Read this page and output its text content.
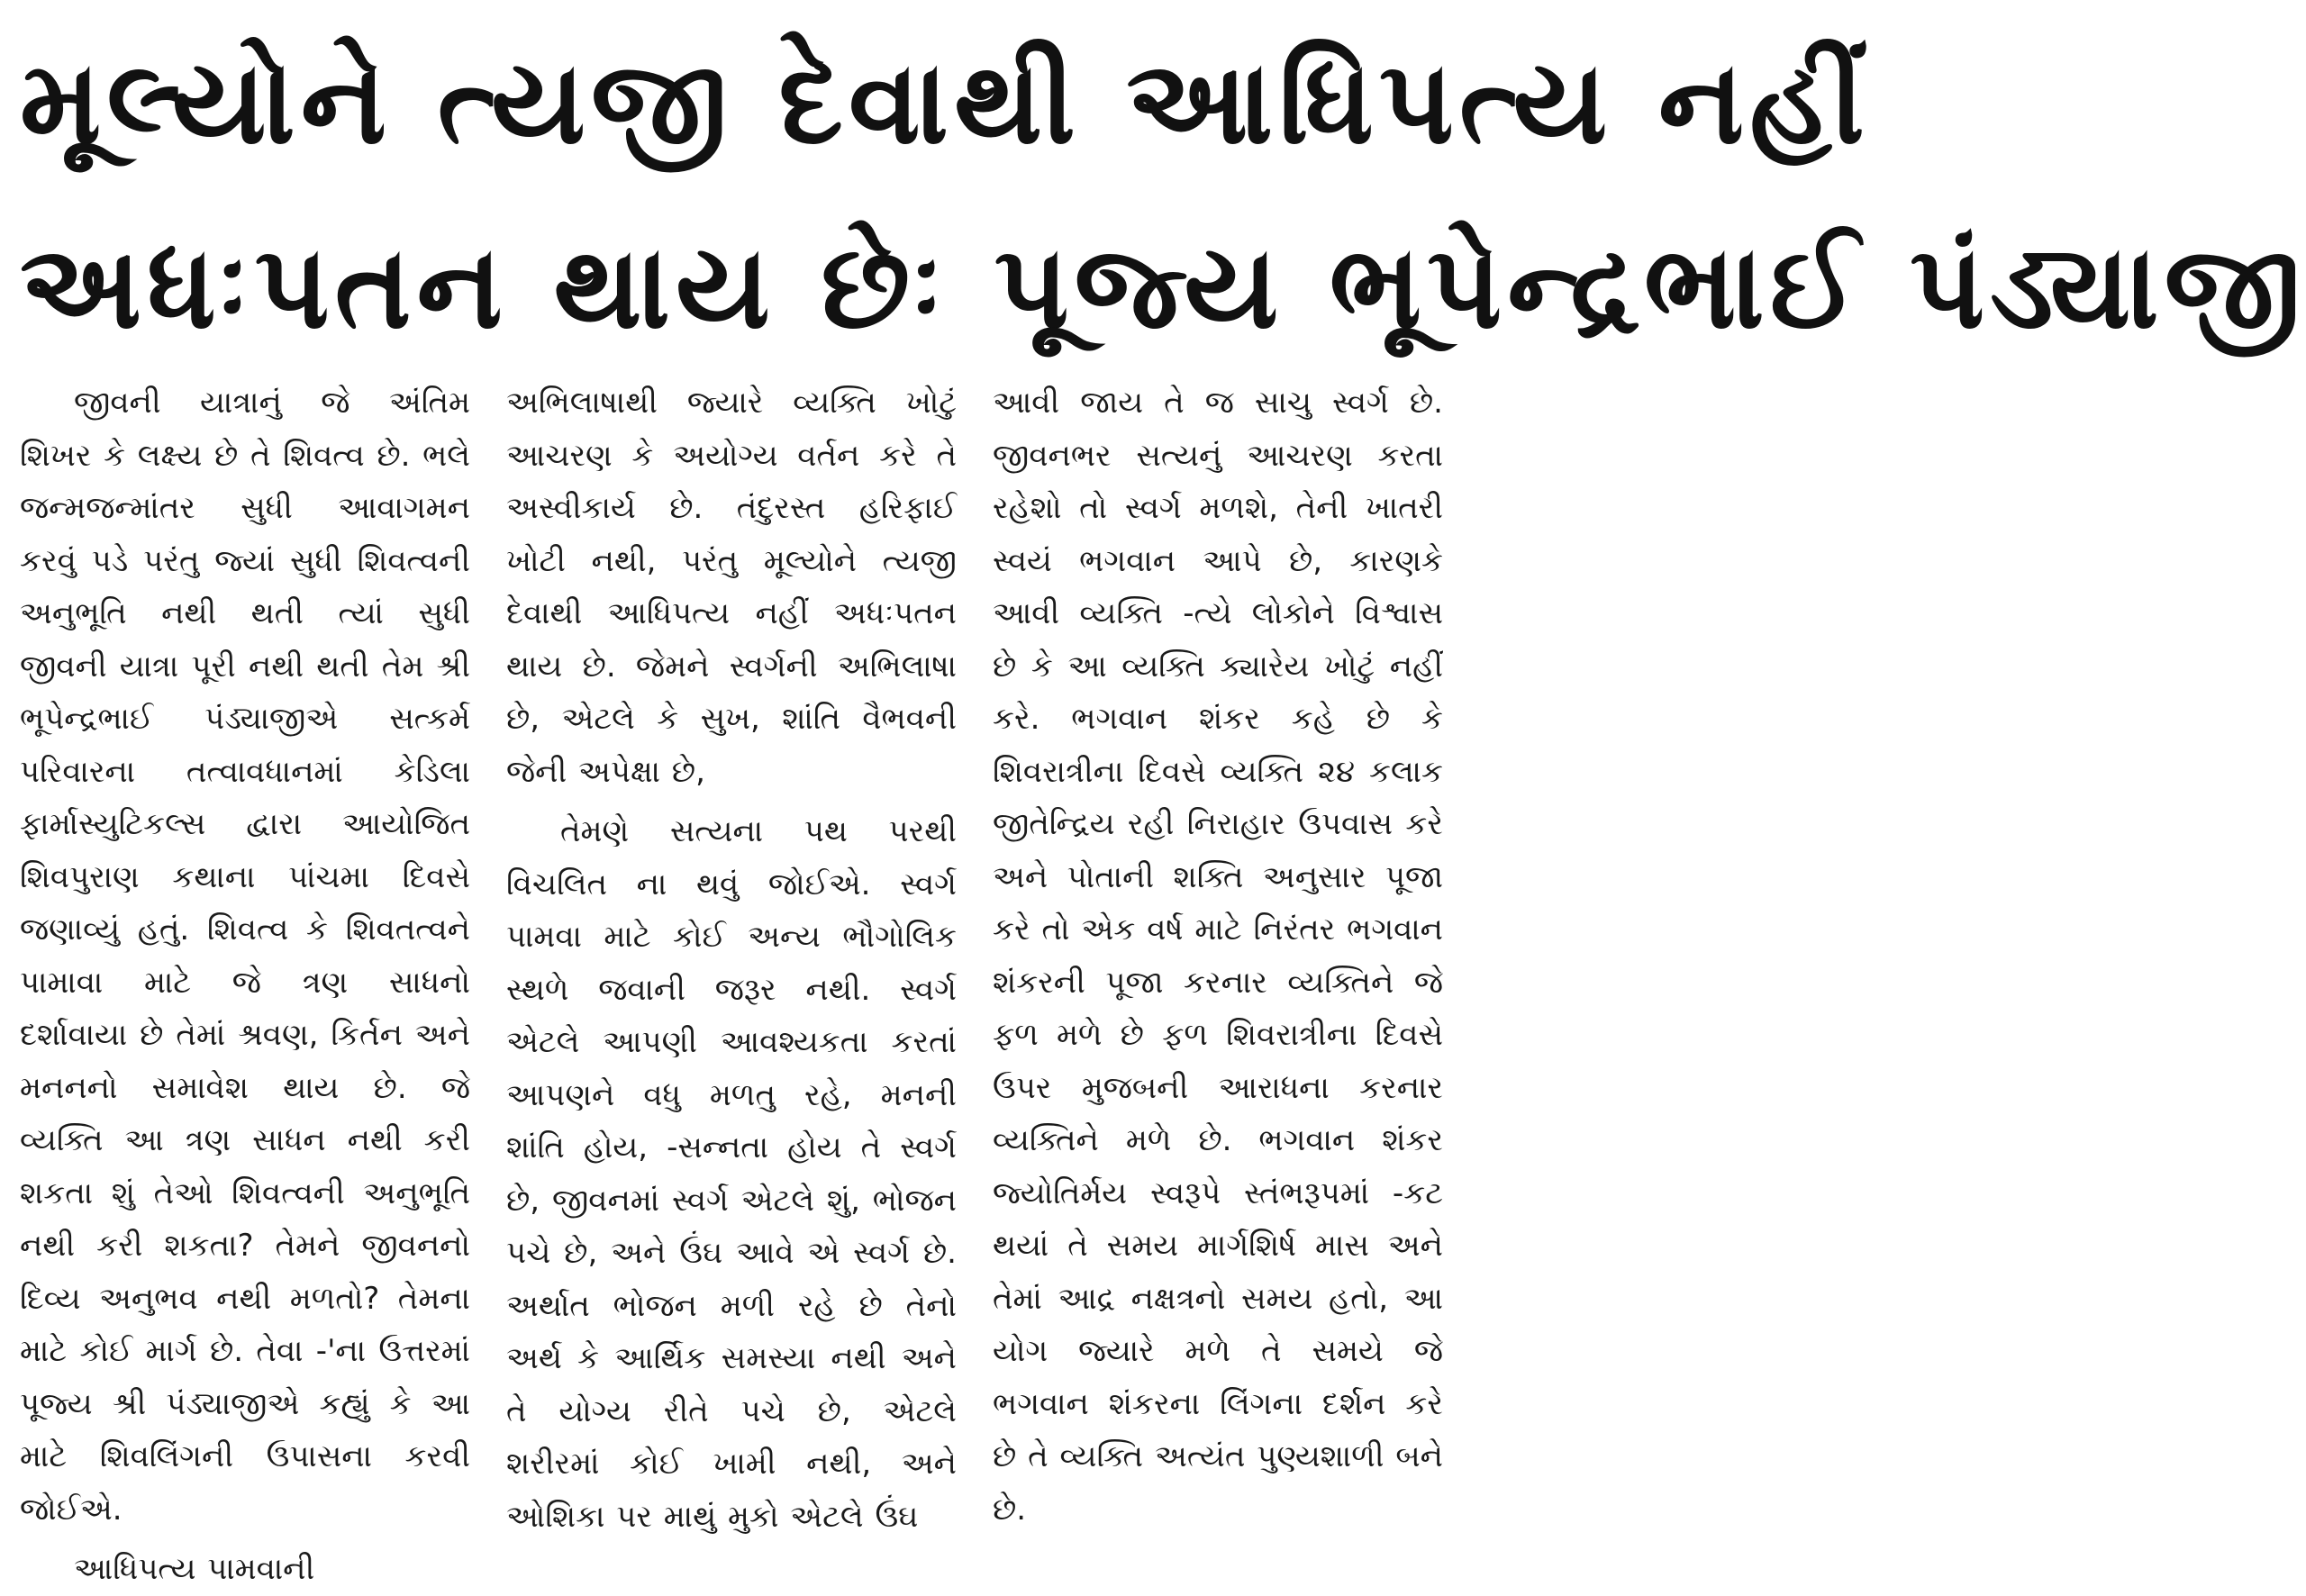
મૂલ્યોને ત્યજી દેવાથી આધિપત્ય નહીં
અધઃપતન થાય છેઃ પૂજ્ય ભૂપેન્દ્રભાઈ પંડ્યાજી

જીવની યાત્રાનું જે અંતિમ શિખર કે લક્ષ્ય છે તે શિવત્વ છે. ભલે જન્મજન્માંતર સુધી આવાગમન કરવું પડે પરંતુ જ્યાં સુધી શિવત્વની અનુભૂતિ નથી થતી ત્યાં સુધી જીવની યાત્રા પૂરી નથી થતી તેમ શ્રી ભૂપેન્દ્રભાઈ પંડ્યાજીએ સત્કર્મ પરિવારના તત્વાવધાનમાં કેડિલા ફાર્માસ્યુટિકલ્સ દ્વારા આયોજિત શિવપુરાણ કથાના પાંચમા દિવસે જણાવ્યું હતું. શિવત્વ કે શિવતત્વને પામાવા માટે જે ત્રણ સાધનો દર્શાવાયા છે તેમાં શ્રવણ, કિર્તન અને મનનનો સમાવેશ થાય છે. જે વ્યક્તિ આ ત્રણ સાધન નથી કરી શકતા શું તેઓ શિવત્વની અનુભૂતિ નથી કરી શકતા? તેમને જીવનનો દિવ્ય અનુભવ નથી મળતો? તેમના માટે કોઈ માર્ગ છે. તેવા -'ના ઉત્તરમાં પૂજ્ય શ્રી પંડ્યાજીએ કહ્યું કે આ માટે શિવલિંગની ઉપાસના કરવી જોઈએ.

આધિપત્ય પામવાની

અભિલાષાથી જ્યારે વ્યક્તિ ખોટું આચરણ કે અયોગ્ય વર્તન કરે તે અસ્વીકાર્ય છે. તંદુરસ્ત હરિફાઈ ખોટી નથી, પરંતુ મૂલ્યોને ત્યજી દેવાથી આધિપત્ય નહીં અધઃપતન થાય છે. જેમને સ્વર્ગની અભિલાષા છે, એટલે કે સુખ, શાંતિ વૈભવની જેની અપેક્ષા છે,

તેમણે સત્યના પથ પરથી વિચલિત ના થવું જોઈએ. સ્વર્ગ પામવા માટે કોઈ અન્ય ભૌગોલિક સ્થળે જવાની જરૂર નથી. સ્વર્ગ એટલે આપણી આવશ્યકતા કરતાં આપણને વધુ મળતુ રહે, મનની શાંતિ હોય, -સન્નતા હોય તે સ્વર્ગ છે, જીવનમાં સ્વર્ગ એટલે શું, ભોજન પચે છે, અને ઉંઘ આવે એ સ્વર્ગ છે. અર્થાત ભોજન મળી રહે છે તેનો અર્થ કે આર્થિક સમસ્યા નથી અને તે યોગ્ય રીતે પચે છે, એટલે શરીરમાં કોઈ ખામી નથી, અને ઓશિકા પર માથું મુકો એટલે ઉંઘ

આવી જાય તે જ સાચુ સ્વર્ગ છે. જીવનભર સત્યનું આચરણ કરતા રહેશો તો સ્વર્ગ મળશે, તેની ખાતરી સ્વયં ભગવાન આપે છે, કારણકે આવી વ્યક્તિ -ત્યે લોકોને વિશ્વાસ છે કે આ વ્યક્તિ ક્યારેય ખોટું નહીં કરે. ભગવાન શંકર કહે છે કે શિવરાત્રીના દિવસે વ્યક્તિ ૨૪ કલાક જીતેન્દ્રિય રહી નિરાહાર ઉપવાસ કરે અને પોતાની શક્તિ અનુસાર પૂજા કરે તો એક વર્ષ માટે નિરંતર ભગવાન શંકરની પૂજા કરનાર વ્યક્તિને જે ફળ મળે છે ફળ શિવરાત્રીના દિવસે ઉપર મુજબની આરાધના કરનાર વ્યક્તિને મળે છે. ભગવાન શંકર જ્યોતિર્મય સ્વરૂપે સ્તંભરૂપમાં -કટ થયાં તે સમય માર્ગશિર્ષ માસ અને તેમાં આદ્ર નક્ષત્રનો સમય હતો, આ યોગ જ્યારે મળે તે સમયે જે ભગવાન શંકરના લિંગના દર્શન કરે છે તે વ્યક્તિ અત્યંત પુણ્યશાળી બને છે.
